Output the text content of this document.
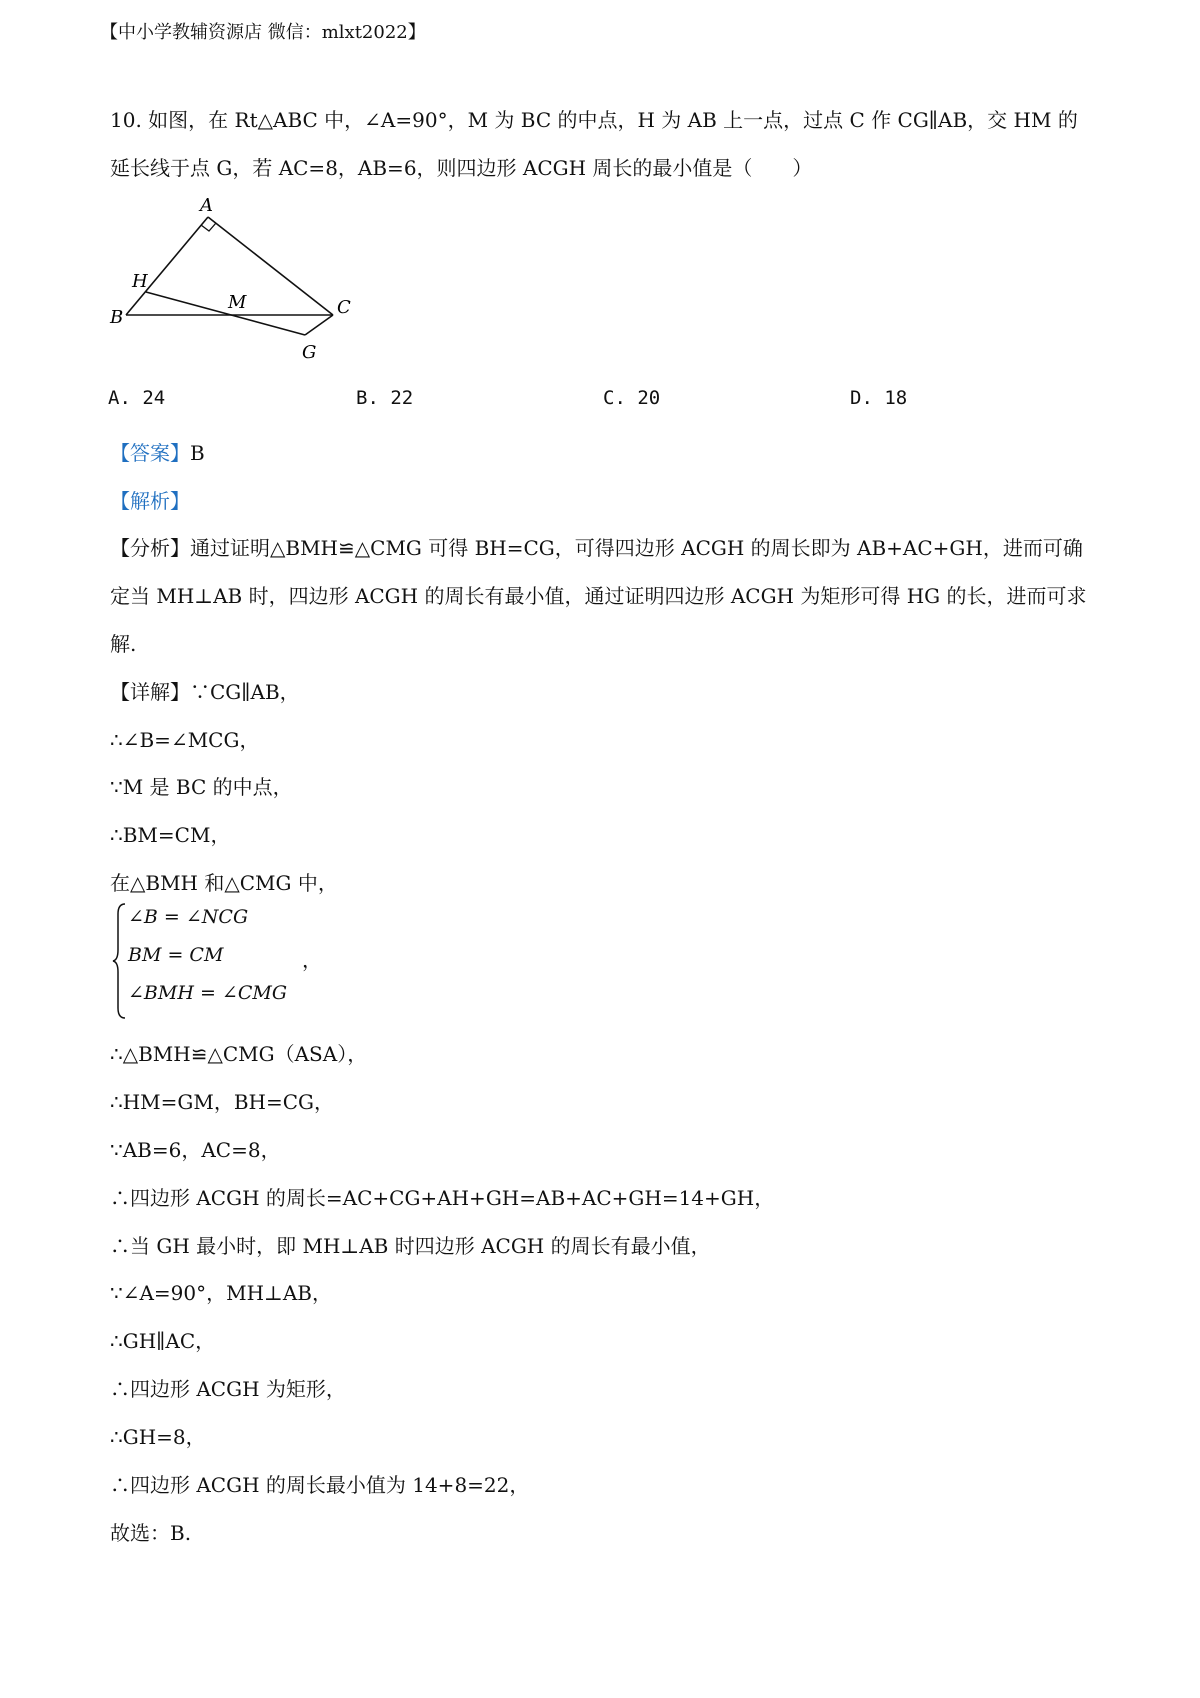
【中小学教辅资源店 微信：mlxt2022】
10. 如图，在 Rt△ABC 中，∠A=90°，M 为 BC 的中点，H 为 AB 上一点，过点 C 作 CG∥AB，交 HM 的
延长线于点 G，若 AC=8，AB=6，则四边形 ACGH 周长的最小值是（　　）
A
B	C
H
M
G
A. 24	B. 22	C. 20	D. 18
【答案】B
【解析】
【分析】通过证明△BMH≌△CMG 可得 BH=CG，可得四边形 ACGH 的周长即为 AB+AC+GH，进而可确
定当 MH⊥AB 时，四边形 ACGH 的周长有最小值，通过证明四边形 ACGH 为矩形可得 HG 的长，进而可求
解.
【详解】∵CG∥AB，
∴∠B=∠MCG，
∵M 是 BC 的中点，
∴BM=CM，
在△BMH 和△CMG 中，
∠B = ∠NCG
BM = CM
∠BMH = ∠CMG
，
∴△BMH≌△CMG（ASA），
∴HM=GM，BH=CG，
∵AB=6，AC=8，
∴四边形 ACGH 的周长=AC+CG+AH+GH=AB+AC+GH=14+GH，
∴当 GH 最小时，即 MH⊥AB 时四边形 ACGH 的周长有最小值，
∵∠A=90°，MH⊥AB，
∴GH∥AC，
∴四边形 ACGH 为矩形，
∴GH=8，
∴四边形 ACGH 的周长最小值为 14+8=22，
故选：B.
